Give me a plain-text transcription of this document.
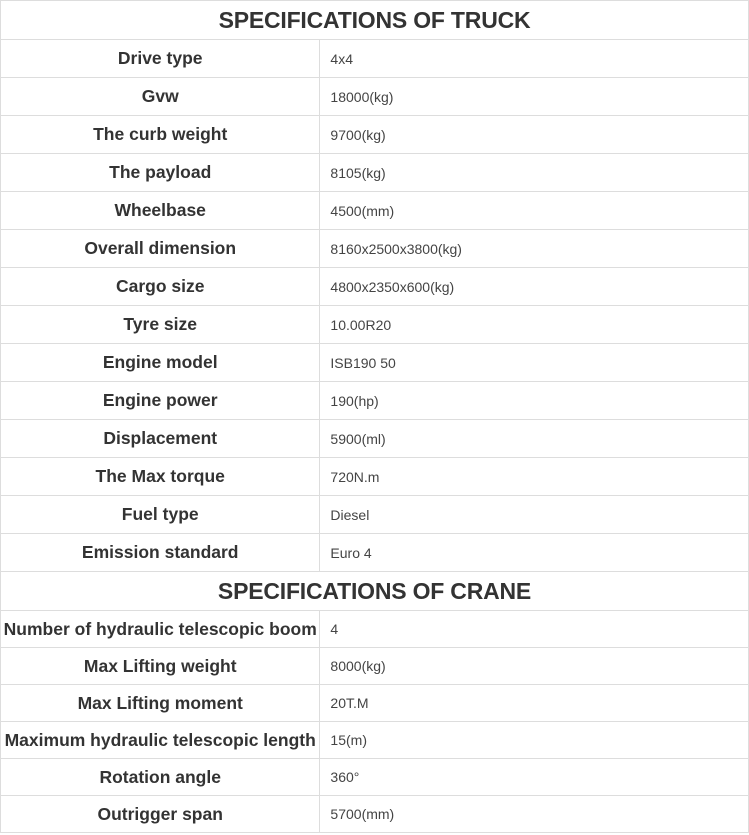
SPECIFICATIONS OF TRUCK	
Drive type	4x4
Gvw	18000(kg)
The curb weight	9700(kg)
The payload	8105(kg)
Wheelbase	4500(mm)
Overall dimension	8160x2500x3800(kg)
Cargo size	4800x2350x600(kg)
Tyre size	10.00R20
Engine model	ISB190 50
Engine power	190(hp)
Displacement	5900(ml)
The Max torque	720N.m
Fuel type	Diesel
Emission standard	Euro 4
SPECIFICATIONS OF CRANE	
Number of hydraulic telescopic boom	4
Max Lifting weight	8000(kg)
Max Lifting moment	20T.M
Maximum hydraulic telescopic length	15(m)
Rotation angle	360°
Outrigger span	5700(mm)
